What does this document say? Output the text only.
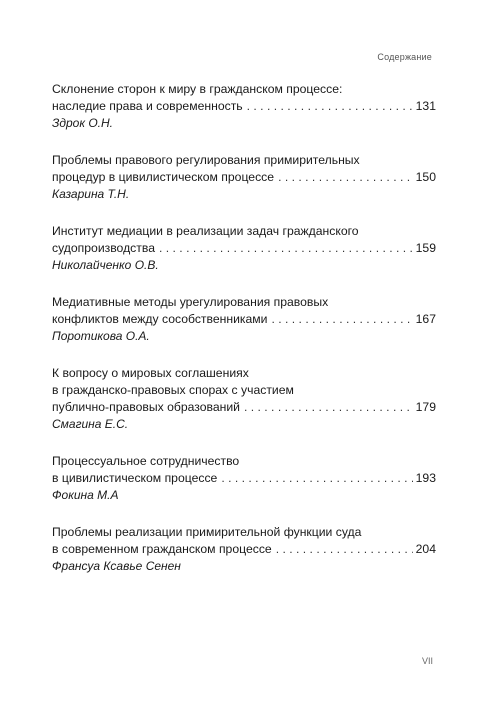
Содержание
Склонение сторон к миру в гражданском процессе:
наследие права и современность . . .	131
Здрок О.Н.
Проблемы правового регулирования примирительных
процедур в цивилистическом процессе . . .	150
Казарина Т.Н.
Институт медиации в реализации задач гражданского
судопроизводства . . .	159
Николайченко О.В.
Медиативные методы урегулирования правовых
конфликтов между сособственниками . . .	167
Поротикова О.А.
К вопросу о мировых соглашениях
в гражданско-правовых спорах с участием
публично-правовых образований . . .	179
Смагина Е.С.
Процессуальное сотрудничество
в цивилистическом процессе . . .	193
Фокина М.А
Проблемы реализации примирительной функции суда
в современном гражданском процессе . . .	204
Франсуа Ксавье Сенен
VII
